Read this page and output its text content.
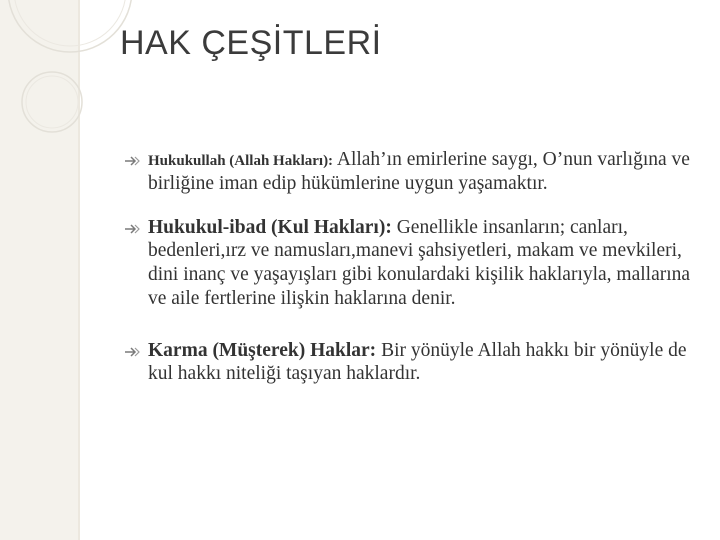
HAK ÇEŞİTLERİ
Hukukullah (Allah Hakları): Allah’ın emirlerine saygı, O’nun varlığına ve birliğine iman edip hükümlerine uygun yaşamaktır.
Hukukul-ibad (Kul Hakları): Genellikle insanların; canları, bedenleri,ırz ve namusları,manevi şahsiyetleri, makam ve mevkileri, dini inanç ve yaşayışları gibi konulardaki kişilik haklarıyla, mallarına ve aile fertlerine ilişkin haklarına denir.
Karma (Müşterek) Haklar: Bir yönüyle Allah hakkı bir yönüyle de kul hakkı niteliği taşıyan haklardır.
